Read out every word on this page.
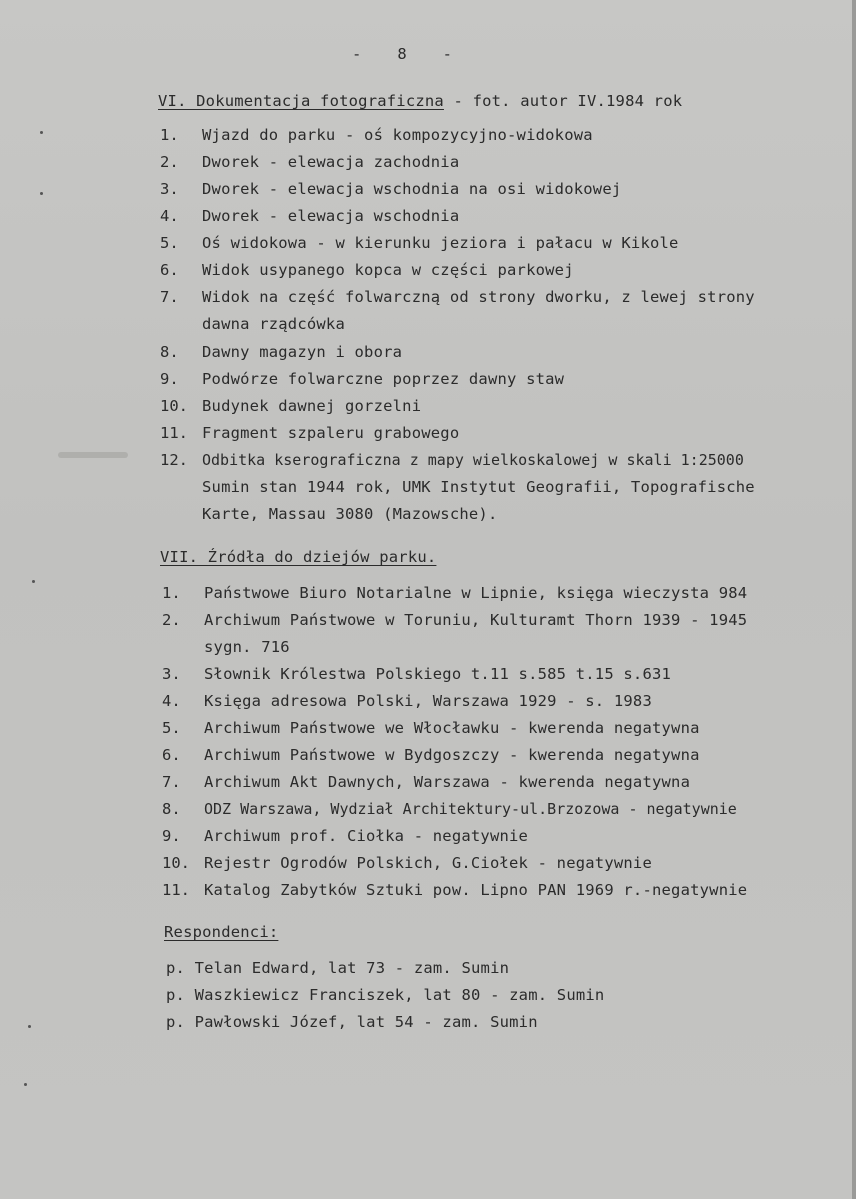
-   8   -
VI. Dokumentacja fotograficzna - fot. autor IV.1984 rok
1. Wjazd do parku - oś kompozycyjno-widokowa
2. Dworek - elewacja zachodnia
3. Dworek - elewacja wschodnia na osi widokowej
4. Dworek - elewacja wschodnia
5. Oś widokowa - w kierunku jeziora i pałacu w Kikole
6. Widok usypanego kopca w części parkowej
7. Widok na część folwarczną od strony dworku, z lewej strony
dawna rządcówka
8. Dawny magazyn i obora
9. Podwórze folwarczne poprzez dawny staw
10. Budynek dawnej gorzelni
11. Fragment szpaleru grabowego
12. Odbitka kserograficzna z mapy wielkoskalowej w skali 1:25000
Sumin stan 1944 rok, UMK Instytut Geografii, Topografische
Karte, Massau 3080 (Mazowsche).
VII. Źródła do dziejów parku.
1. Państwowe Biuro Notarialne w Lipnie, księga wieczysta 984
2. Archiwum Państwowe w Toruniu, Kulturamt Thorn 1939 - 1945
sygn. 716
3. Słownik Królestwa Polskiego t.11 s.585 t.15 s.631
4. Księga adresowa Polski, Warszawa 1929 - s. 1983
5. Archiwum Państwowe we Włocławku - kwerenda negatywna
6. Archiwum Państwowe w Bydgoszczy - kwerenda negatywna
7. Archiwum Akt Dawnych, Warszawa - kwerenda negatywna
8. ODZ Warszawa, Wydział Architektury-ul.Brzozowa - negatywnie
9. Archiwum prof. Ciołka - negatywnie
10. Rejestr Ogrodów Polskich, G.Ciołek - negatywnie
11. Katalog Zabytków Sztuki pow. Lipno PAN 1969 r.-negatywnie
Respondenci:
p. Telan Edward, lat 73 - zam. Sumin
p. Waszkiewicz Franciszek, lat 80 - zam. Sumin
p. Pawłowski Józef, lat 54 - zam. Sumin
